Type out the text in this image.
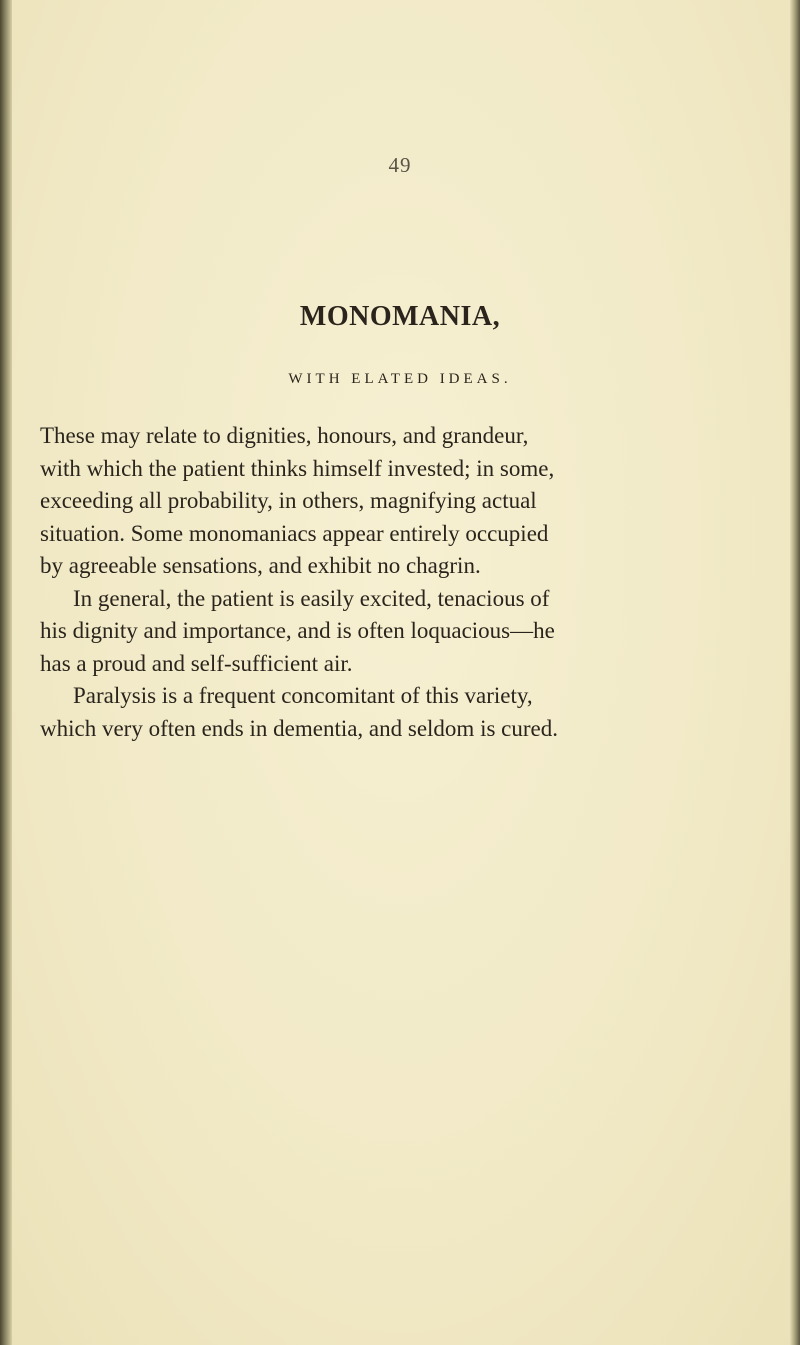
49
MONOMANIA,
WITH ELATED IDEAS.

These may relate to dignities, honours, and grandeur,
with which the patient thinks himself invested; in some,
exceeding all probability, in others, magnifying actual
situation. Some monomaniacs appear entirely occupied
by agreeable sensations, and exhibit no chagrin.

In general, the patient is easily excited, tenacious of
his dignity and importance, and is often loquacious—he
has a proud and self-sufficient air.

Paralysis is a frequent concomitant of this variety,
which very often ends in dementia, and seldom is cured.
